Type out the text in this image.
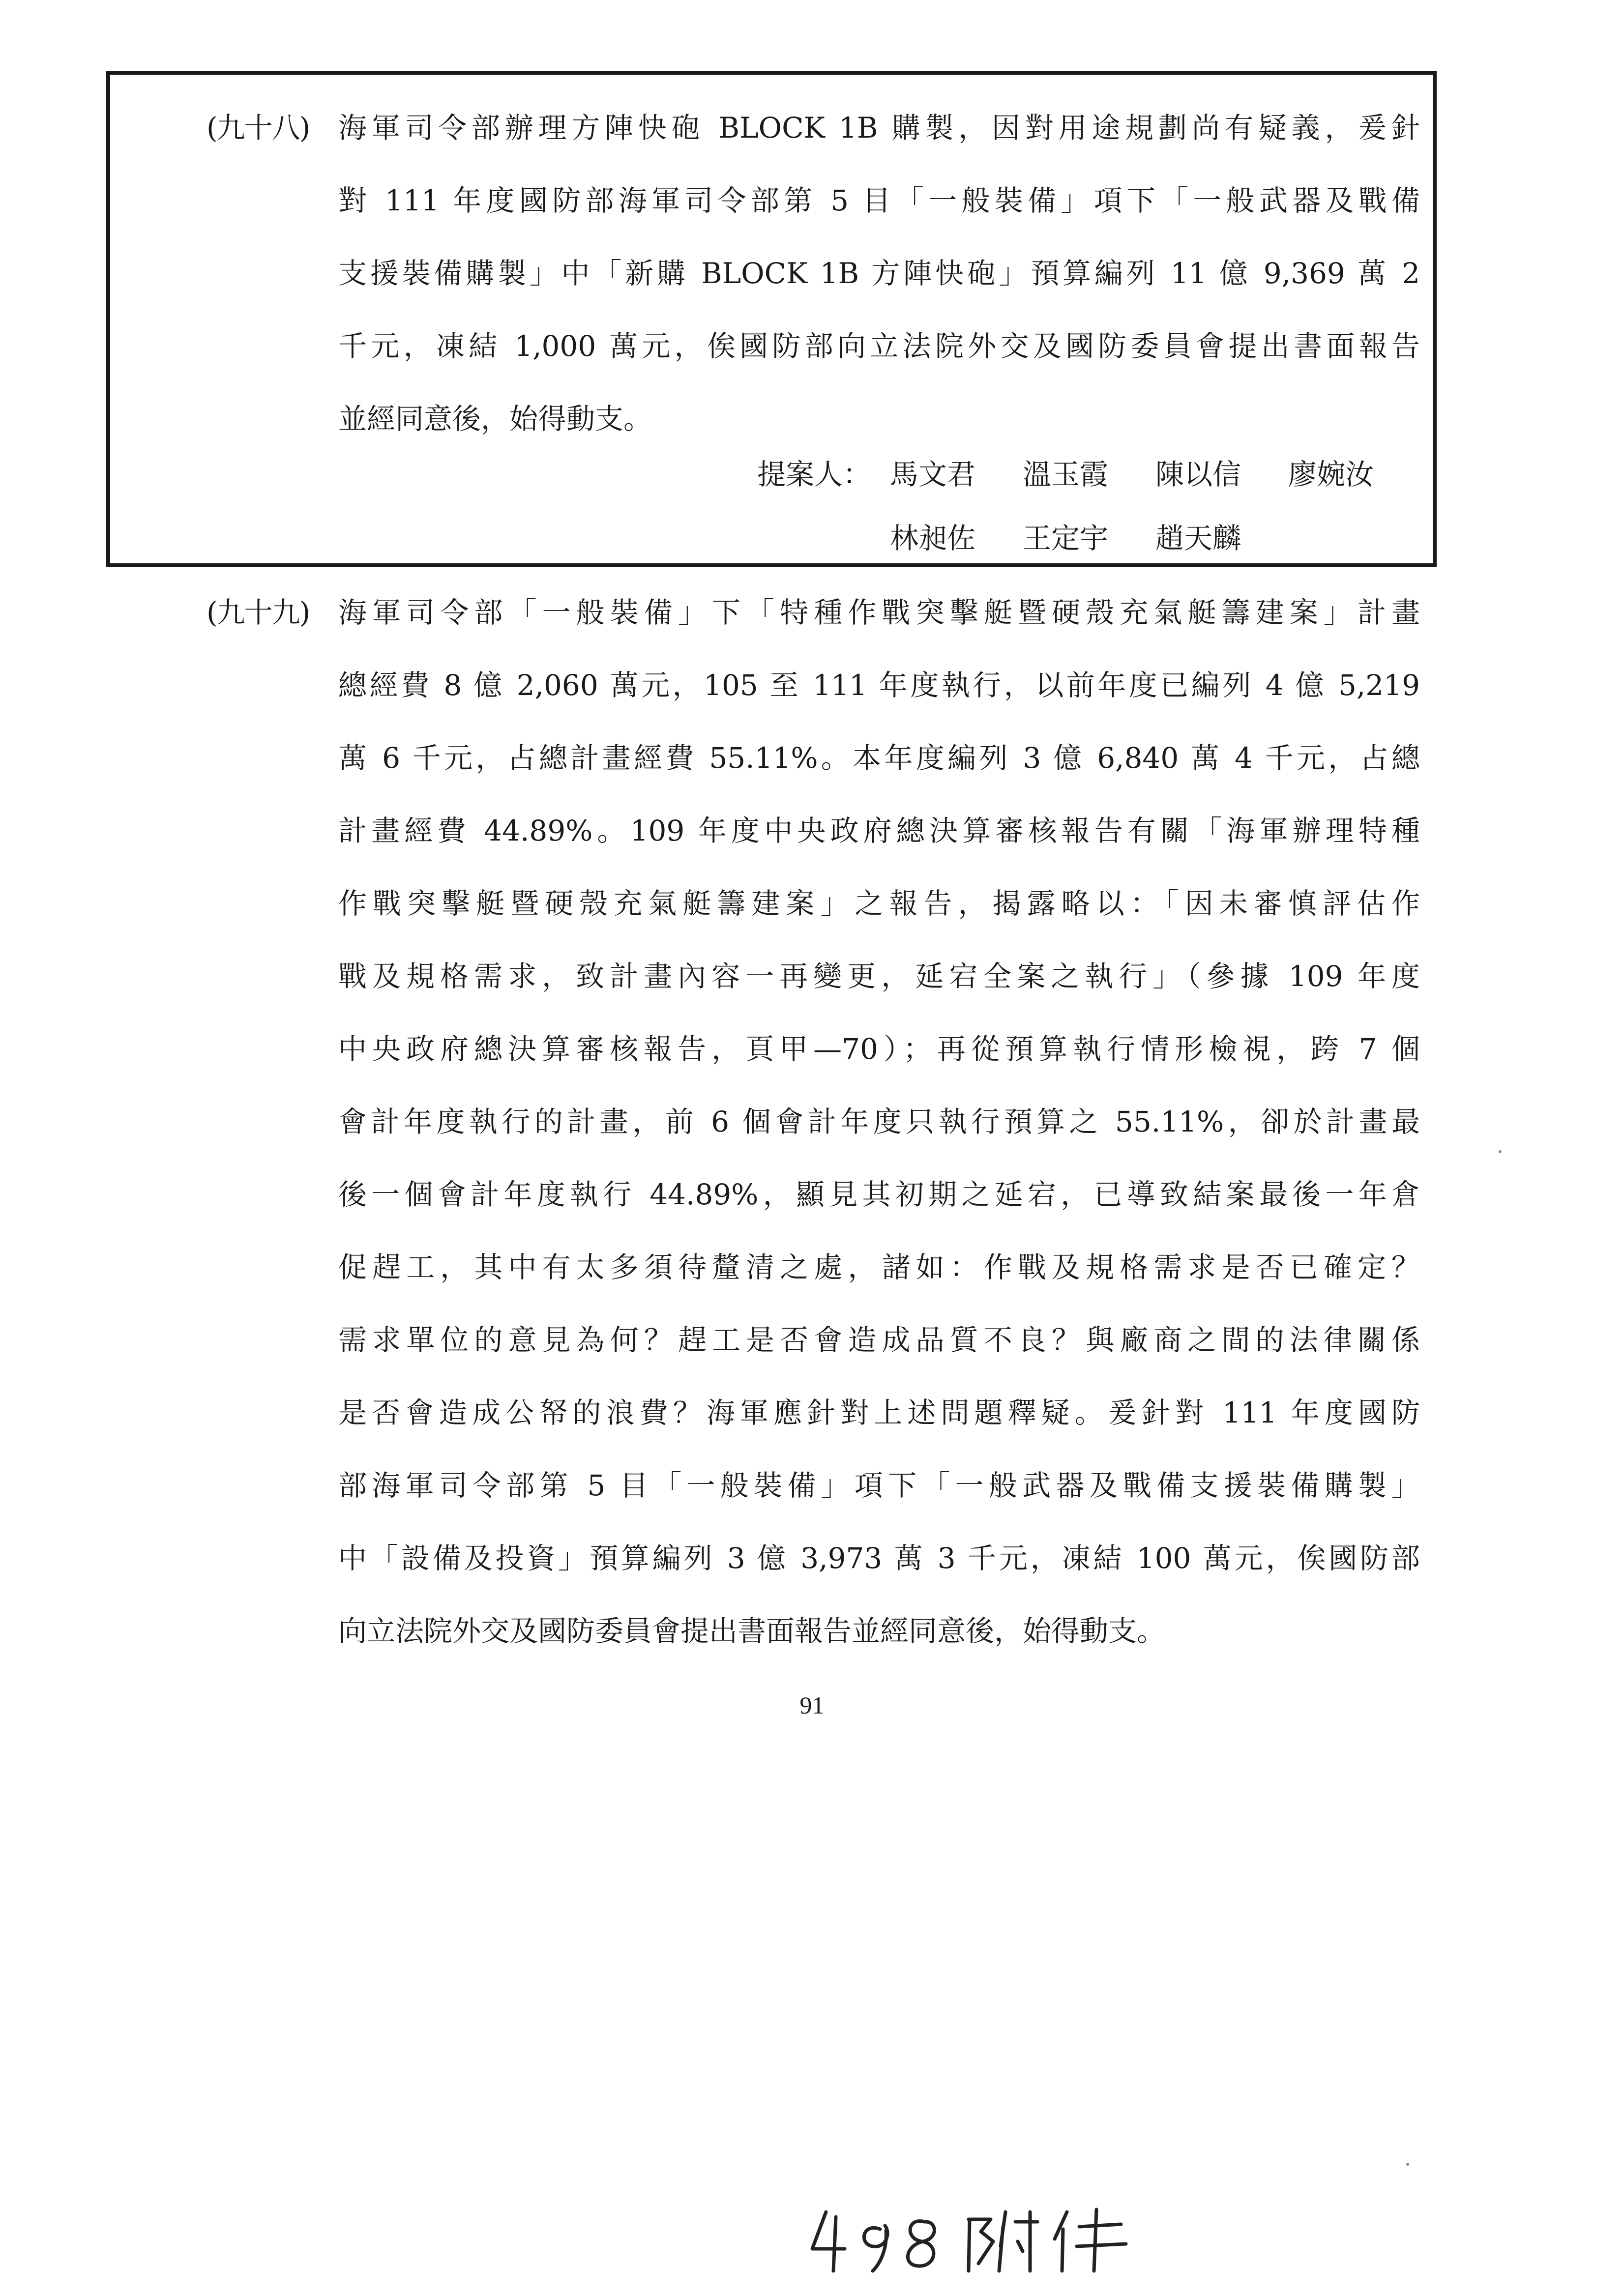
(九十八) 海軍司令部辦理方陣快砲 BLOCK 1B 購製，因對用途規劃尚有疑義，爰針
對 111 年度國防部海軍司令部第 5 目「一般裝備」項下「一般武器及戰備
支援裝備購製」中「新購 BLOCK 1B 方陣快砲」預算編列 11 億 9,369 萬 2
千元，凍結 1,000 萬元，俟國防部向立法院外交及國防委員會提出書面報告
並經同意後，始得動支。

提案人：

馬文君

溫玉霞

陳以信

廖婉汝

林昶佐

王定宇

趙天麟

(九十九) 海軍司令部「一般裝備」下「特種作戰突擊艇暨硬殼充氣艇籌建案」計畫
總經費 8 億 2,060 萬元，105 至 111 年度執行，以前年度已編列 4 億 5,219
萬 6 千元，占總計畫經費 55.11%。本年度編列 3 億 6,840 萬 4 千元，占總
計畫經費 44.89%。109 年度中央政府總決算審核報告有關「海軍辦理特種
作戰突擊艇暨硬殼充氣艇籌建案」之報告，揭露略以：「因未審慎評估作
戰及規格需求，致計畫內容一再變更，延宕全案之執行」（參據 109 年度
中央政府總決算審核報告，頁甲—70）；再從預算執行情形檢視，跨 7 個
會計年度執行的計畫，前 6 個會計年度只執行預算之 55.11%，卻於計畫最
後一個會計年度執行 44.89%，顯見其初期之延宕，已導致結案最後一年倉
促趕工，其中有太多須待釐清之處，諸如：作戰及規格需求是否已確定？
需求單位的意見為何？趕工是否會造成品質不良？與廠商之間的法律關係
是否會造成公帑的浪費？海軍應針對上述問題釋疑。爰針對 111 年度國防
部海軍司令部第 5 目「一般裝備」項下「一般武器及戰備支援裝備購製」
中「設備及投資」預算編列 3 億 3,973 萬 3 千元，凍結 100 萬元，俟國防部
向立法院外交及國防委員會提出書面報告並經同意後，始得動支。
91
